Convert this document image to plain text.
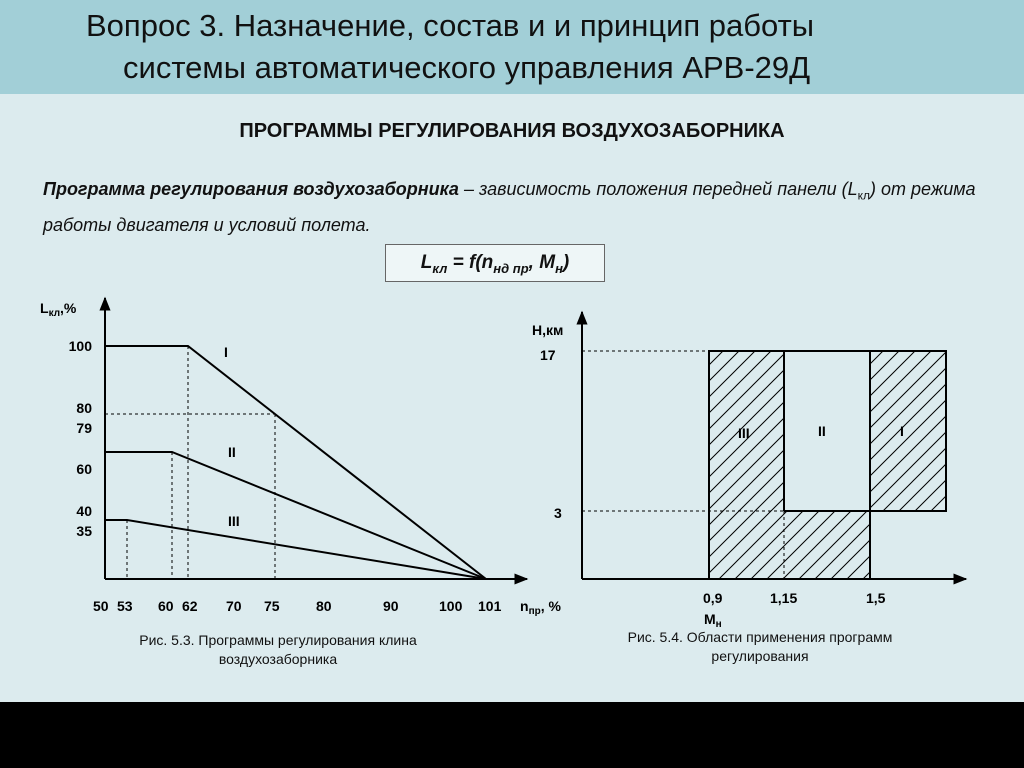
Вопрос 3. Назначение, состав и и принцип работы
системы автоматического управления АРВ-29Д
ПРОГРАММЫ РЕГУЛИРОВАНИЯ ВОЗДУХОЗАБОРНИКА
Программа регулирования воздухозаборника – зависимость положения передней панели $(L_{кл})$ от режима работы двигателя и условий полета.
$L_{кл} = f(n_{нд пр}$, $M_н$)
$L_{кл},\%$
100
80
79
60
40
35
50 53 60 62 70 75	80	90	100 101 $n_{пр}$, %
I
II
III
H,км
17
3
0,9	1,15	1,5
$М_н$
III	II	I
Рис. 5.3. Программы регулирования клина воздухозаборника
Рис. 5.4. Области применения программ регулирования
